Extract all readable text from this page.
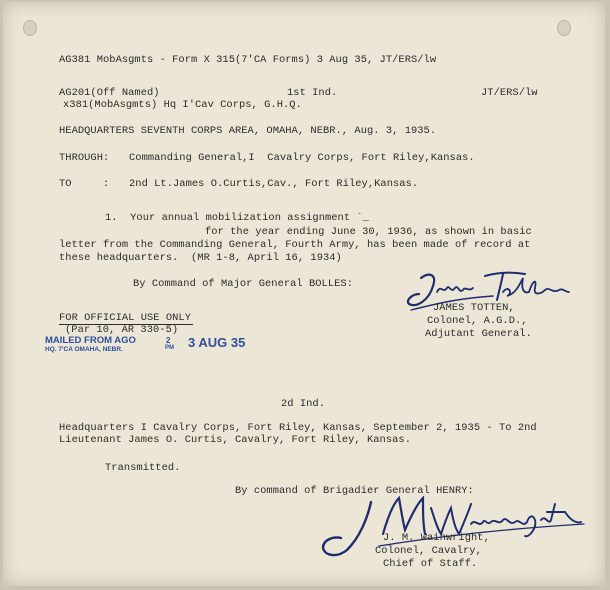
AG381 MobAsgmts - Form X 315(7'CA Forms) 3 Aug 35, JT/ERS/lw
AG201(Off Named)	1st Ind.	JT/ERS/lw
x381(MobAsgmts) Hq I'Cav Corps, G.H.Q.
HEADQUARTERS SEVENTH CORPS AREA, OMAHA, NEBR., Aug. 3, 1935.
THROUGH: Commanding General,I  Cavalry Corps, Fort Riley,Kansas.
TO     : 2nd Lt.James O.Curtis,Cav., Fort Riley,Kansas.
1.  Your annual mobilization assignment `_
for the year ending June 30, 1936, as shown in basic
letter from the Commanding General, Fourth Army, has been made of record at
these headquarters.  (MR 1-8, April 16, 1934)
By Command of Major General BOLLES:
JAMES TOTTEN,
Colonel, A.G.D.,
Adjutant General.
FOR OFFICIAL USE ONLY
(Par 10, AR 330-5)
MAILED FROM AGO
HQ. 7'CA OMAHA, NEBR.
2
PM 3 AUG 35
2d Ind.
Headquarters I Cavalry Corps, Fort Riley, Kansas, September 2, 1935 - To 2nd
Lieutenant James O. Curtis, Cavalry, Fort Riley, Kansas.
Transmitted.
By command of Brigadier General HENRY:
J. M. Wainwright,
Colonel, Cavalry,
Chief of Staff.
